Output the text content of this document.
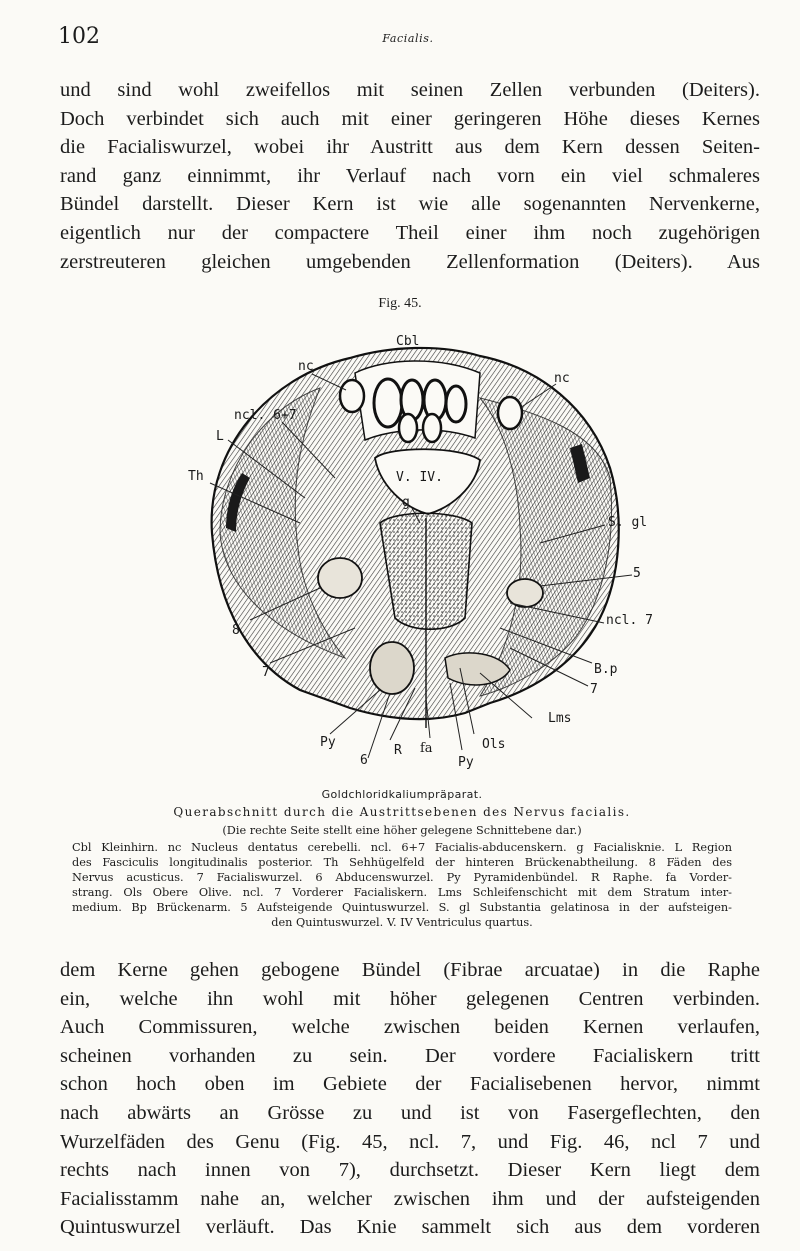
102	Facialis.
und sind wohl zweifellos mit seinen Zellen verbunden (Deiters).
Doch verbindet sich auch mit einer geringeren Höhe dieses Kernes
die Facialiswurzel, wobei ihr Austritt aus dem Kern dessen Seiten-
rand ganz einnimmt, ihr Verlauf nach vorn ein viel schmaleres
Bündel darstellt. Dieser Kern ist wie alle sogenannten Nervenkerne,
eigentlich nur der compactere Theil einer ihm noch zugehörigen
zerstreuteren gleichen umgebenden Zellenformation (Deiters). Aus
Fig. 45.
Cbl
nc
nc
ncl. 6+7
L
Th	V. IV.
g
S. gl
5
ncl. 7
8
7	B.p
7
Lms
Py
6
R fa	Ols
Py
Goldchloridkaliumpräparat.
Querabschnitt durch die Austrittsebenen des Nervus facialis.
(Die rechte Seite stellt eine höher gelegene Schnittebene dar.)
Cbl Kleinhirn. nc Nucleus dentatus cerebelli. ncl. 6+7 Facialis-abducenskern. g Facialisknie. L Region
des Fasciculis longitudinalis posterior. Th Sehhügelfeld der hinteren Brückenabtheilung. 8 Fäden des
Nervus acusticus. 7 Facialiswurzel. 6 Abducenswurzel. Py Pyramidenbündel. R Raphe. fa Vorder-
strang. Ols Obere Olive. ncl. 7 Vorderer Facialiskern. Lms Schleifenschicht mit dem Stratum inter-
medium. Bp Brückenarm. 5 Aufsteigende Quintuswurzel. S. gl Substantia gelatinosa in der aufsteigen-
den Quintuswurzel. V. IV Ventriculus quartus.
dem Kerne gehen gebogene Bündel (Fibrae arcuatae) in die Raphe
ein, welche ihn wohl mit höher gelegenen Centren verbinden.
Auch Commissuren, welche zwischen beiden Kernen verlaufen,
scheinen vorhanden zu sein. Der vordere Facialiskern tritt
schon hoch oben im Gebiete der Facialisebenen hervor, nimmt
nach abwärts an Grösse zu und ist von Fasergeflechten, den
Wurzelfäden des Genu (Fig. 45, ncl. 7, und Fig. 46, ncl 7 und
rechts nach innen von 7), durchsetzt. Dieser Kern liegt dem
Facialisstamm nahe an, welcher zwischen ihm und der aufsteigenden
Quintuswurzel verläuft. Das Knie sammelt sich aus dem vorderen
